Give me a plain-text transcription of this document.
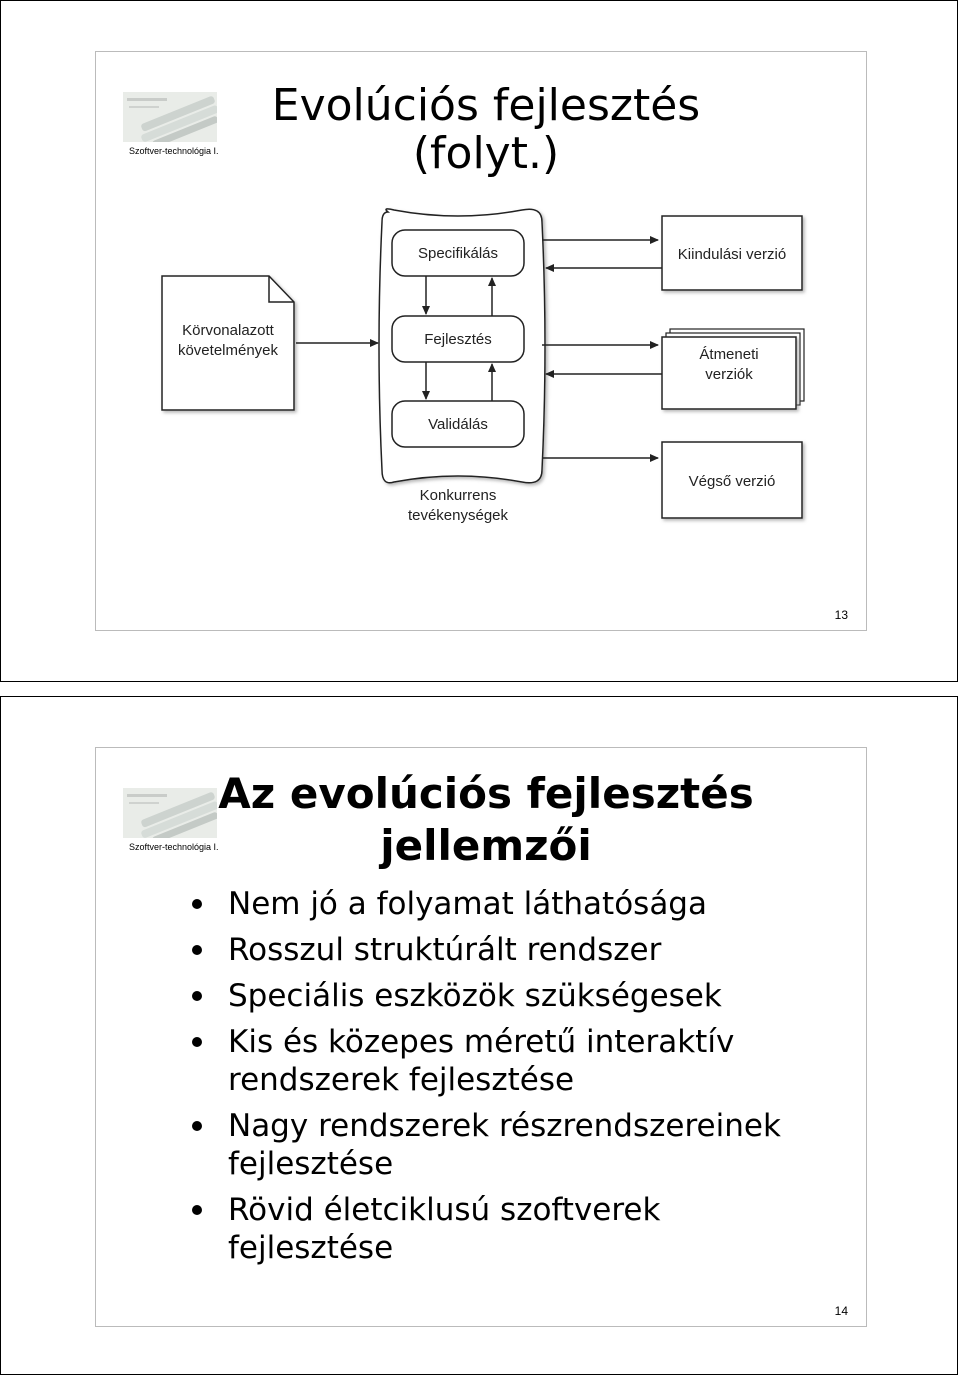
Szoftver-technológia I.
Evolúciós fejlesztés
(folyt.)
Körvonalazott
követelmények
Specifikálás
Fejlesztés
Validálás
Konkurrens
tevékenységek
Kiindulási verzió
Átmeneti
verziók
Végső verzió
13
Szoftver-technológia I.
Az evolúciós fejlesztés
jellemzői
Nem jó a folyamat láthatósága
Rosszul struktúrált rendszer
Speciális eszközök szükségesek
Kis és közepes méretű interaktív
rendszerek fejlesztése
Nagy rendszerek részrendszereinek
fejlesztése
Rövid életciklusú szoftverek
fejlesztése
14
